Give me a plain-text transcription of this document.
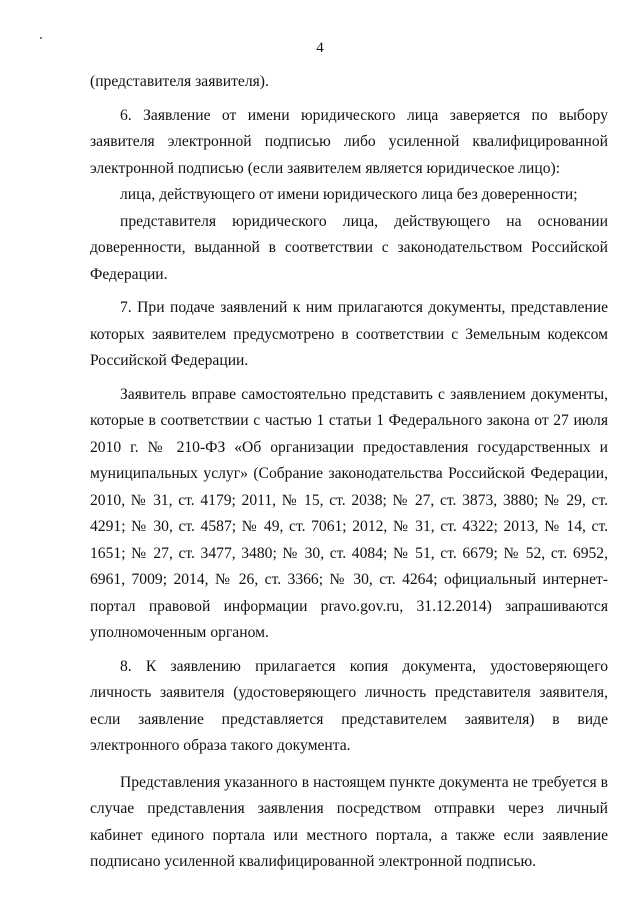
4

(представителя заявителя).

6. Заявление от имени юридического лица заверяется по выбору заявителя электронной подписью либо усиленной квалифицированной электронной подписью (если заявителем является юридическое лицо):

лица, действующего от имени юридического лица без доверенности;

представителя юридического лица, действующего на основании доверенности, выданной в соответствии с законодательством Российской Федерации.

7. При подаче заявлений к ним прилагаются документы, представление которых заявителем предусмотрено в соответствии с Земельным кодексом Российской Федерации.

Заявитель вправе самостоятельно представить с заявлением документы, которые в соответствии с частью 1 статьи 1 Федерального закона от 27 июля 2010 г. № 210-ФЗ «Об организации предоставления государственных и муниципальных услуг» (Собрание законодательства Российской Федерации, 2010, № 31, ст. 4179; 2011, № 15, ст. 2038; № 27, ст. 3873, 3880; № 29, ст. 4291; № 30, ст. 4587; № 49, ст. 7061; 2012, № 31, ст. 4322; 2013, № 14, ст. 1651; № 27, ст. 3477, 3480; № 30, ст. 4084; № 51, ст. 6679; № 52, ст. 6952, 6961, 7009; 2014, № 26, ст. 3366; № 30, ст. 4264; официальный интернет-портал правовой информации pravo.gov.ru, 31.12.2014) запрашиваются уполномоченным органом.

8. К заявлению прилагается копия документа, удостоверяющего личность заявителя (удостоверяющего личность представителя заявителя, если заявление представляется представителем заявителя) в виде электронного образа такого документа.

Представления указанного в настоящем пункте документа не требуется в случае представления заявления посредством отправки через личный кабинет единого портала или местного портала, а также если заявление подписано усиленной квалифицированной электронной подписью.
